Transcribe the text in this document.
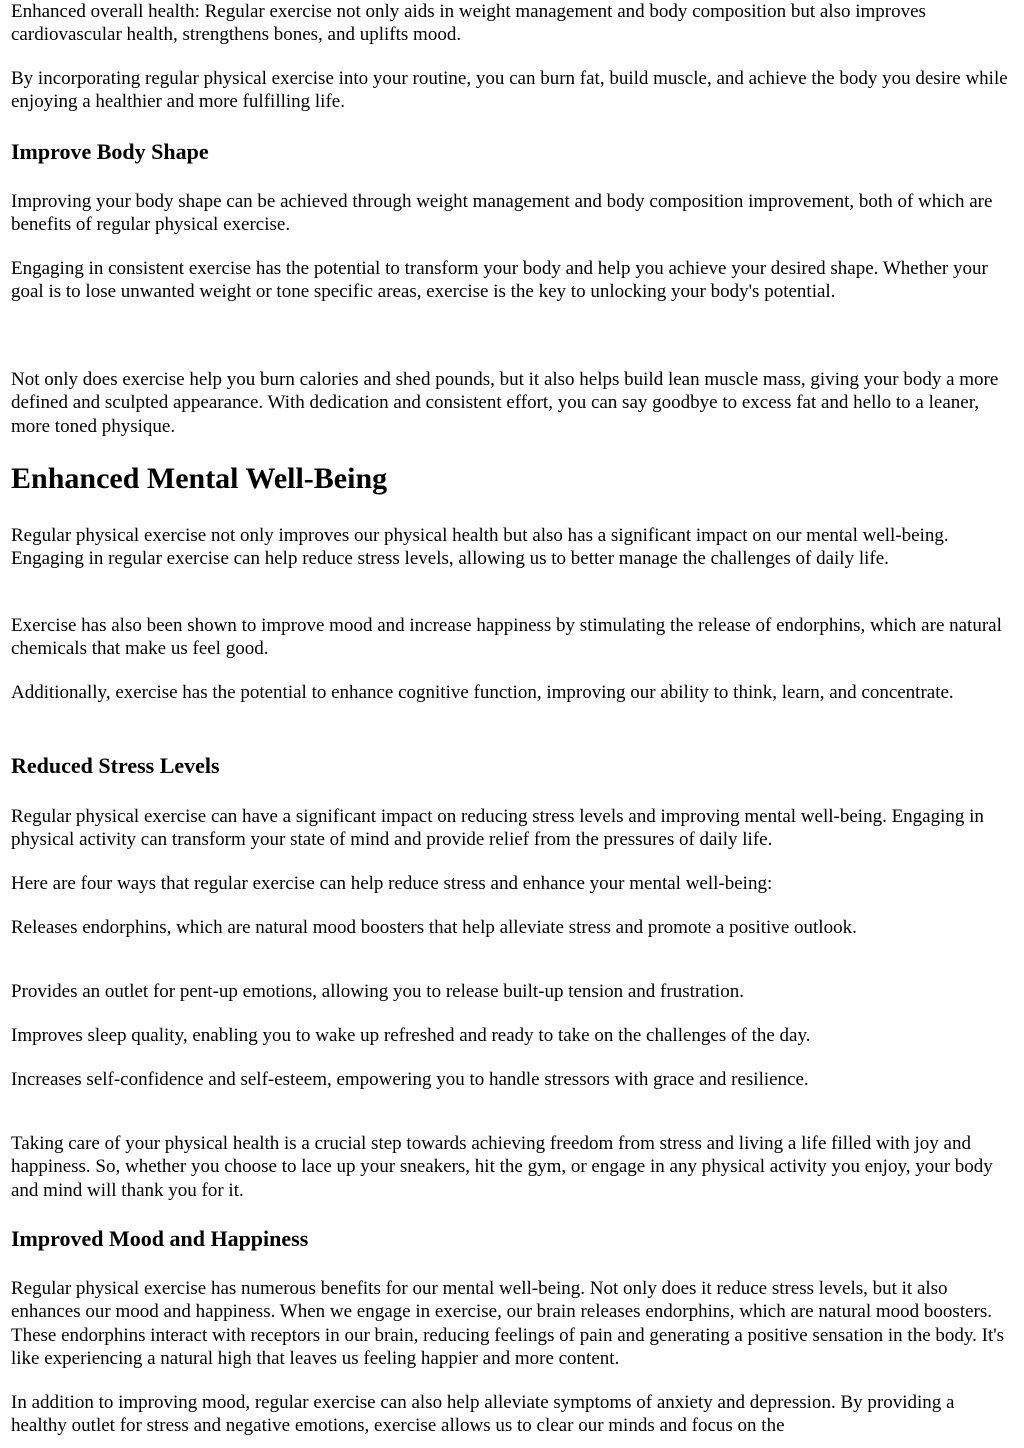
Enhanced overall health: Regular exercise not only aids in weight management and body composition but also improves cardiovascular health, strengthens bones, and uplifts mood.

By incorporating regular physical exercise into your routine, you can burn fat, build muscle, and achieve the body you desire while enjoying a healthier and more fulfilling life.

Improve Body Shape

Improving your body shape can be achieved through weight management and body composition improvement, both of which are benefits of regular physical exercise.

Engaging in consistent exercise has the potential to transform your body and help you achieve your desired shape. Whether your goal is to lose unwanted weight or tone specific areas, exercise is the key to unlocking your body's potential.

Not only does exercise help you burn calories and shed pounds, but it also helps build lean muscle mass, giving your body a more defined and sculpted appearance. With dedication and consistent effort, you can say goodbye to excess fat and hello to a leaner, more toned physique.

Enhanced Mental Well-Being

Regular physical exercise not only improves our physical health but also has a significant impact on our mental well-being. Engaging in regular exercise can help reduce stress levels, allowing us to better manage the challenges of daily life.

Exercise has also been shown to improve mood and increase happiness by stimulating the release of endorphins, which are natural chemicals that make us feel good.

Additionally, exercise has the potential to enhance cognitive function, improving our ability to think, learn, and concentrate.

Reduced Stress Levels

Regular physical exercise can have a significant impact on reducing stress levels and improving mental well-being. Engaging in physical activity can transform your state of mind and provide relief from the pressures of daily life.

Here are four ways that regular exercise can help reduce stress and enhance your mental well-being:

Releases endorphins, which are natural mood boosters that help alleviate stress and promote a positive outlook.

Provides an outlet for pent-up emotions, allowing you to release built-up tension and frustration.

Improves sleep quality, enabling you to wake up refreshed and ready to take on the challenges of the day.

Increases self-confidence and self-esteem, empowering you to handle stressors with grace and resilience.

Taking care of your physical health is a crucial step towards achieving freedom from stress and living a life filled with joy and happiness. So, whether you choose to lace up your sneakers, hit the gym, or engage in any physical activity you enjoy, your body and mind will thank you for it.

Improved Mood and Happiness

Regular physical exercise has numerous benefits for our mental well-being. Not only does it reduce stress levels, but it also enhances our mood and happiness. When we engage in exercise, our brain releases endorphins, which are natural mood boosters. These endorphins interact with receptors in our brain, reducing feelings of pain and generating a positive sensation in the body. It's like experiencing a natural high that leaves us feeling happier and more content.

In addition to improving mood, regular exercise can also help alleviate symptoms of anxiety and depression. By providing a healthy outlet for stress and negative emotions, exercise allows us to clear our minds and focus on the
